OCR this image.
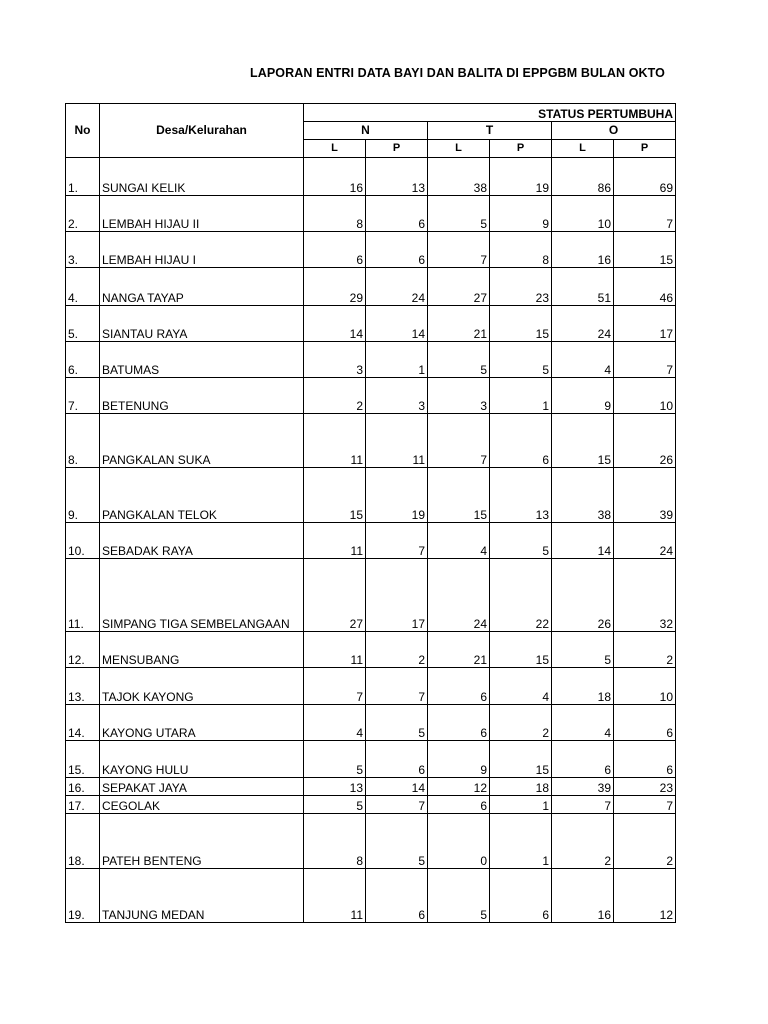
LAPORAN ENTRI DATA BAYI DAN BALITA DI EPPGBM BULAN OKTO
No	Desa/Kelurahan	STATUS PERTUMBUHA					
		N		T		O	
		L	P	L	P	L	P
1.	SUNGAI KELIK	16	13	38	19	86	69
2.	LEMBAH HIJAU II	8	6	5	9	10	7
3.	LEMBAH HIJAU I	6	6	7	8	16	15
4.	NANGA TAYAP	29	24	27	23	51	46
5.	SIANTAU RAYA	14	14	21	15	24	17
6.	BATUMAS	3	1	5	5	4	7
7.	BETENUNG	2	3	3	1	9	10
8.	PANGKALAN SUKA	11	11	7	6	15	26
9.	PANGKALAN TELOK	15	19	15	13	38	39
10.	SEBADAK RAYA	11	7	4	5	14	24
11.	SIMPANG TIGA SEMBELANGAAN	27	17	24	22	26	32
12.	MENSUBANG	11	2	21	15	5	2
13.	TAJOK KAYONG	7	7	6	4	18	10
14.	KAYONG UTARA	4	5	6	2	4	6
15.	KAYONG HULU	5	6	9	15	6	6
16.	SEPAKAT JAYA	13	14	12	18	39	23
17.	CEGOLAK	5	7	6	1	7	7
18.	PATEH BENTENG	8	5	0	1	2	2
19.	TANJUNG MEDAN	11	6	5	6	16	12
